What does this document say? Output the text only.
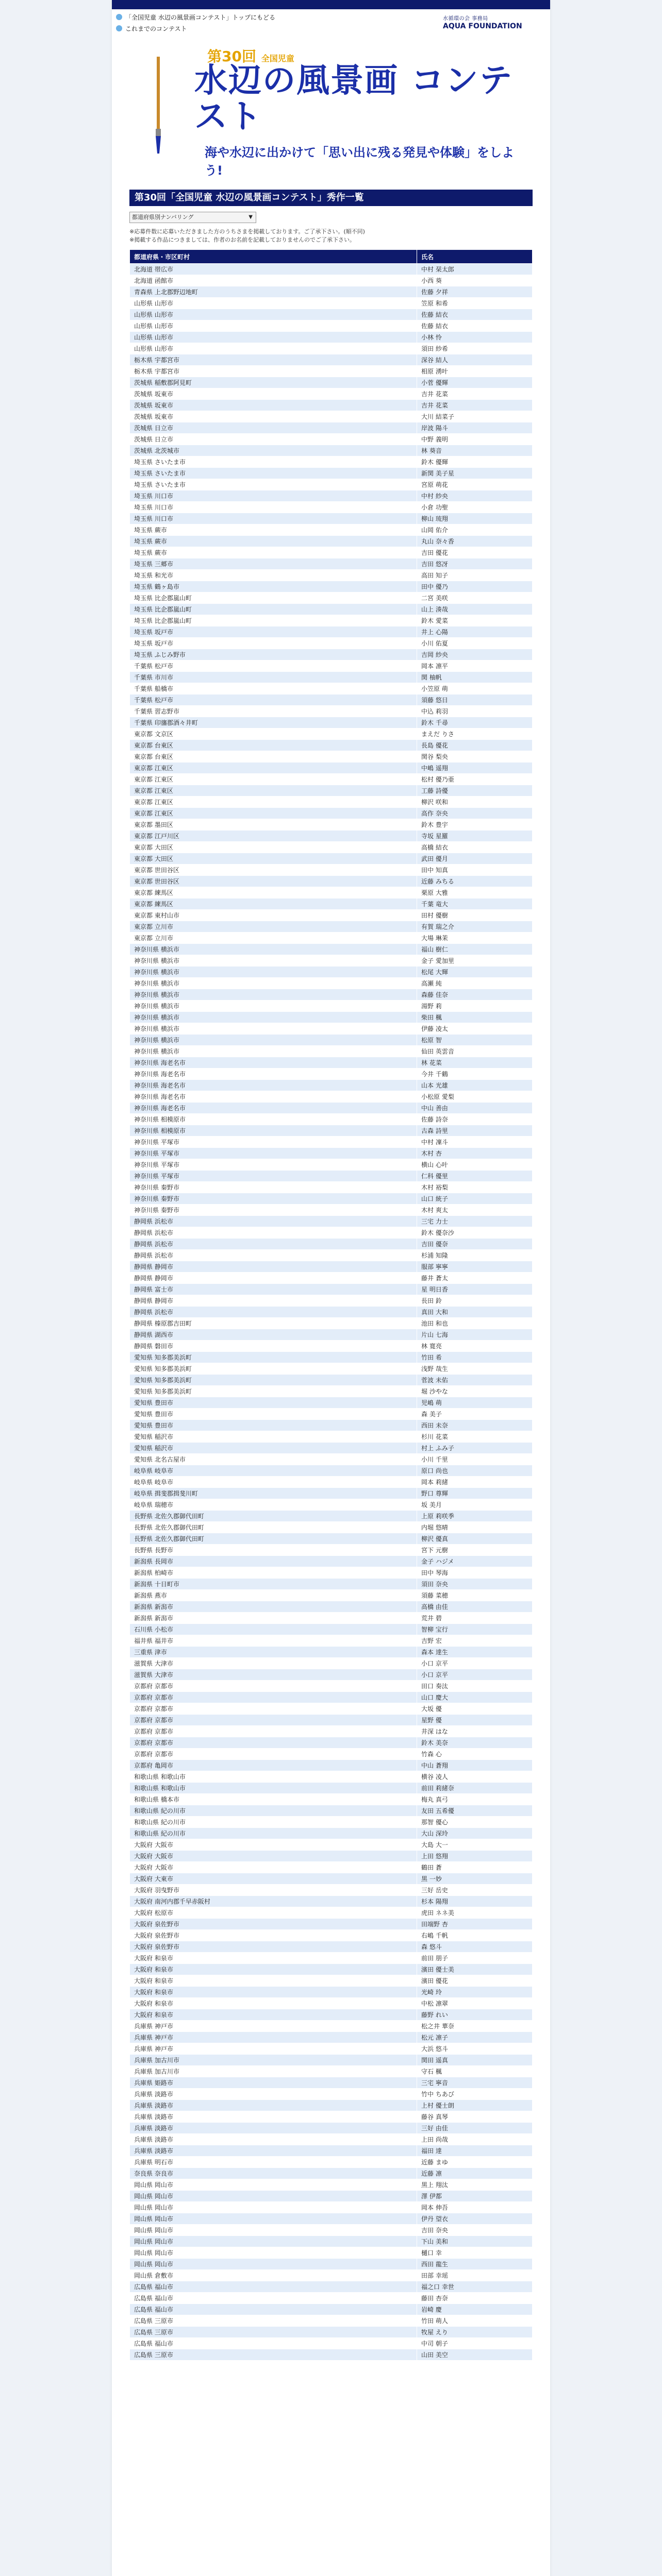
「全国児童 水辺の風景画コンテスト」トップにもどる
これまでのコンテスト
水循環の会 事務局
AQUA FOUNDATION
第30回 全国児童
水辺の風景画 コンテスト
海や水辺に出かけて「思い出に残る発見や体験」をしよう!
第30回「全国児童 水辺の風景画コンテスト」秀作一覧
都道府県別ナンバリング	▼
※応募件数に応募いただきました方のうちさまを掲載しております。ご了承下さい。(順不同)
※掲載する作品につきましては、作者のお名前を記載しておりませんのでご了承下さい。
都道府県・市区町村	氏名
北海道 帯広市	中村 栞太郎
北海道 函館市	小西 葵
青森県 上北郡野辺地町	佐藤 夕祥
山形県 山形市	笠原 和希
山形県 山形市	佐藤 結衣
山形県 山形市	佐藤 結衣
山形県 山形市	小林 怜
山形県 山形市	須田 紗希
栃木県 宇都宮市	深谷 結人
栃木県 宇都宮市	相原 湧叶
茨城県 稲敷郡阿見町	小菅 優輝
茨城県 坂東市	吉井 花菜
茨城県 坂東市	吉井 花菜
茨城県 坂東市	大川 結菜子
茨城県 日立市	岸波 陽斗
茨城県 日立市	中野 義明
茨城県 北茨城市	林 葵音
埼玉県 さいたま市	鈴木 優輝
埼玉県 さいたま市	新関 美子星
埼玉県 さいたま市	宮原 萌花
埼玉県 川口市	中村 紗央
埼玉県 川口市	小倉 功聖
埼玉県 川口市	柳山 琉翔
埼玉県 蕨市	山岡 佑介
埼玉県 蕨市	丸山 奈々香
埼玉県 蕨市	吉田 優花
埼玉県 三郷市	吉田 悠冴
埼玉県 和光市	高田 知子
埼玉県 鶴ヶ島市	田中 優乃
埼玉県 比企郡嵐山町	二宮 美咲
埼玉県 比企郡嵐山町	山上 湊哉
埼玉県 比企郡嵐山町	鈴木 愛菜
埼玉県 坂戸市	井上 心陽
埼玉県 坂戸市	小川 佑夏
埼玉県 ふじみ野市	吉岡 紗央
千葉県 松戸市	岡本 凛平
千葉県 市川市	関 柚帆
千葉県 船橋市	小笠原 萌
千葉県 松戸市	須藤 悠日
千葉県 習志野市	中込 莉羽
千葉県 印旛郡酒々井町	鈴木 千尋
東京都 文京区	まえだ りさ
東京都 台東区	長島 優花
東京都 台東区	関谷 梨央
東京都 江東区	中嶋 遥翔
東京都 江東区	松村 優乃亜
東京都 江東区	工藤 詩優
東京都 江東区	柳沢 咲和
東京都 江東区	高作 奈央
東京都 墨田区	鈴木 豊宇
東京都 江戸川区	寺坂 星羅
東京都 大田区	高橋 結衣
東京都 大田区	武田 優月
東京都 世田谷区	田中 知真
東京都 世田谷区	近藤 みちる
東京都 練馬区	栗原 大雅
東京都 練馬区	千葉 竜大
東京都 東村山市	田村 優樹
東京都 立川市	有賀 瑞之介
東京都 立川市	大場 琳茉
神奈川県 横浜市	福山 樹仁
神奈川県 横浜市	金子 愛加里
神奈川県 横浜市	松尾 大輝
神奈川県 横浜市	高瀬 純
神奈川県 横浜市	森藤 佳奈
神奈川県 横浜市	湯野 莉
神奈川県 横浜市	柴田 楓
神奈川県 横浜市	伊藤 凌太
神奈川県 横浜市	松原 智
神奈川県 横浜市	仙田 英雲音
神奈川県 海老名市	林 花菜
神奈川県 海老名市	今井 千鶴
神奈川県 海老名市	山本 光雄
神奈川県 海老名市	小松原 愛梨
神奈川県 海老名市	中山 善由
神奈川県 相模原市	佐藤 詩奈
神奈川県 相模原市	古森 詩里
神奈川県 平塚市	中村 凜斗
神奈川県 平塚市	木村 杏
神奈川県 平塚市	横山 心叶
神奈川県 平塚市	仁科 優里
神奈川県 秦野市	木村 裕梨
神奈川県 秦野市	山口 統子
神奈川県 秦野市	木村 爽太
静岡県 浜松市	三宅 力士
静岡県 浜松市	鈴木 優奈沙
静岡県 浜松市	吉田 優奈
静岡県 浜松市	杉浦 知隆
静岡県 静岡市	服部 寧寧
静岡県 静岡市	藤井 蒼太
静岡県 富士市	星 明日香
静岡県 静岡市	長田 鈴
静岡県 浜松市	真田 大和
静岡県 榛原郡吉田町	池田 和也
静岡県 湖西市	片山 七海
静岡県 磐田市	林 寛亮
愛知県 知多郡美浜町	竹田 希
愛知県 知多郡美浜町	浅野 哉生
愛知県 知多郡美浜町	菅波 未佑
愛知県 知多郡美浜町	堀 沙やな
愛知県 豊田市	児嶋 萌
愛知県 豊田市	森 美子
愛知県 豊田市	西田 未奈
愛知県 稲沢市	杉川 花菜
愛知県 稲沢市	村上 ふみ子
愛知県 北名古屋市	小川 千里
岐阜県 岐阜市	原口 尚也
岐阜県 岐阜市	岡本 莉緒
岐阜県 揖斐郡揖斐川町	野口 尊輝
岐阜県 瑞穂市	坂 美月
長野県 北佐久郡御代田町	上原 莉咲季
長野県 北佐久郡御代田町	内堀 悠晴
長野県 北佐久郡御代田町	柳沢 優真
長野県 長野市	宮下 元樹
新潟県 長岡市	金子 ハジメ
新潟県 柏崎市	田中 琴海
新潟県 十日町市	須田 奈央
新潟県 燕市	須藤 菜穂
新潟県 新潟市	高橋 由佳
新潟県 新潟市	荒井 碧
石川県 小松市	智柳 宝行
福井県 福井市	吉野 宏
三重県 津市	森本 達生
滋賀県 大津市	小口 京平
滋賀県 大津市	小口 京平
京都府 京都市	田口 奏汰
京都府 京都市	山口 慶大
京都府 京都市	大坂 優
京都府 京都市	星野 優
京都府 京都市	井深 はな
京都府 京都市	鈴木 美奈
京都府 京都市	竹森 心
京都府 亀岡市	中山 蒼翔
和歌山県 和歌山市	横谷 凌人
和歌山県 和歌山市	前田 莉緒奈
和歌山県 橋本市	梅丸 真弓
和歌山県 紀の川市	友田 五希優
和歌山県 紀の川市	那智 優心
和歌山県 紀の川市	大山 深玲
大阪府 大阪市	大島 大一
大阪府 大阪市	上田 悠翔
大阪府 大阪市	鶴田 蒼
大阪府 大東市	黒 一妙
大阪府 羽曳野市	三好 岳史
大阪府 南河内郡千早赤阪村	杉本 陽翔
大阪府 松原市	虎田 ネネ美
大阪府 泉佐野市	田端野 杏
大阪府 泉佐野市	右嶋 千帆
大阪府 泉佐野市	森 悠斗
大阪府 和泉市	前田 朋子
大阪府 和泉市	濱田 優士美
大阪府 和泉市	濱田 優花
大阪府 和泉市	光崎 玲
大阪府 和泉市	中松 凛翠
大阪府 和泉市	藤野 れい
兵庫県 神戸市	松之井 華奈
兵庫県 神戸市	松元 凛子
兵庫県 神戸市	大浜 悠斗
兵庫県 加古川市	関田 遥真
兵庫県 加古川市	守石 楓
兵庫県 姫路市	三宅 寧音
兵庫県 淡路市	竹中 ちあび
兵庫県 淡路市	上村 優士朗
兵庫県 淡路市	藤谷 真琴
兵庫県 淡路市	三好 由佳
兵庫県 淡路市	上田 尚哉
兵庫県 淡路市	福田 達
兵庫県 明石市	近藤 まゆ
奈良県 奈良市	近藤 凛
岡山県 岡山市	黒上 翔汰
岡山県 岡山市	澤 伊都
岡山県 岡山市	岡本 伸吾
岡山県 岡山市	伊丹 望衣
岡山県 岡山市	吉田 奈央
岡山県 岡山市	下山 美和
岡山県 岡山市	樋口 幸
岡山県 岡山市	西田 龍生
岡山県 倉敷市	田部 幸瑶
広島県 福山市	福之口 幸世
広島県 福山市	藤田 杏奈
広島県 福山市	岩崎 慶
広島県 三原市	竹田 萌人
広島県 三原市	牧屋 えり
広島県 福山市	中司 朝子
広島県 三原市	山田 美空
